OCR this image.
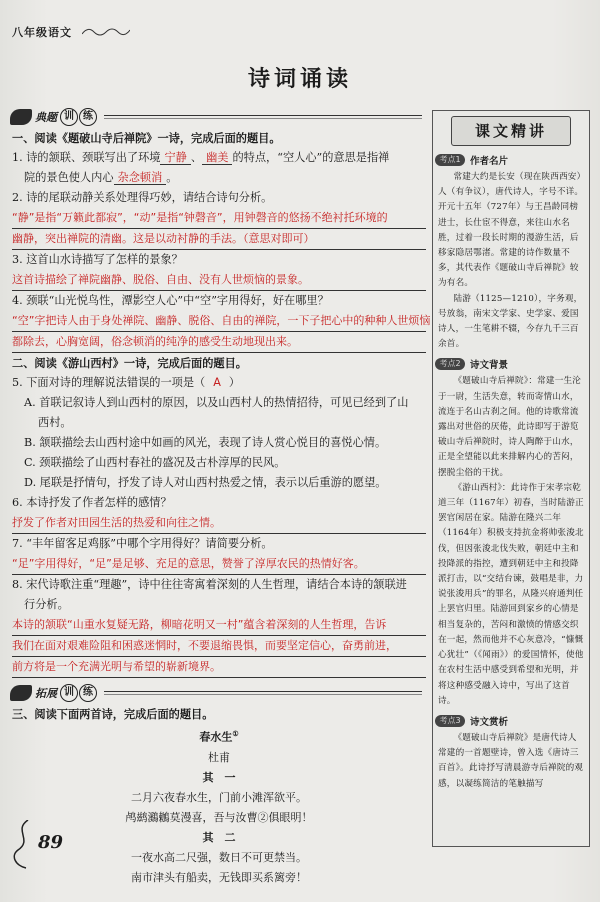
八年级语文
诗词诵读
典题 训 练
一、阅读《题破山寺后禅院》一诗，完成后面的题目。
1. 诗的颔联、颈联写出了环境 宁静 、 幽美 的特点，“空人心”的意思是指禅
院的景色使人内心 杂念顿消 。
2. 诗的尾联动静关系处理得巧妙，请结合诗句分析。
“静”是指“万籁此都寂”，“动”是指“钟磬音”，用钟磬音的悠扬不绝衬托环境的
幽静，突出禅院的清幽。这是以动衬静的手法。（意思对即可）
3. 这首山水诗描写了怎样的景象？
这首诗描绘了禅院幽静、脱俗、自由、没有人世烦恼的景象。
4. 颈联“山光悦鸟性，潭影空人心”中“空”字用得好，好在哪里？
“空”字把诗人由于身处禅院、幽静、脱俗、自由的禅院，一下子把心中的种种人世烦恼
都除去，心胸宽阔，俗念顿消的纯净的感受生动地现出来。
二、阅读《游山西村》一诗，完成后面的题目。
5. 下面对诗的理解说法错误的一项是（ A ）
A. 首联记叙诗人到山西村的原因，以及山西村人的热情招待，可见已经到了山
西村。
B. 颔联描绘去山西村途中如画的风光，表现了诗人赏心悦目的喜悦心情。
C. 颈联描绘了山西村春社的盛况及古朴淳厚的民风。
D. 尾联是抒情句，抒发了诗人对山西村热爱之情，表示以后重游的愿望。
6. 本诗抒发了作者怎样的感情？
抒发了作者对田园生活的热爱和向往之情。
7. “丰年留客足鸡豚”中哪个字用得好？请简要分析。
“足”字用得好，“足”是足够、充足的意思，赞誉了淳厚农民的热情好客。
8. 宋代诗歌注重“理趣”，诗中往往寄寓着深刻的人生哲理，请结合本诗的颔联进
行分析。
本诗的颔联“山重水复疑无路，柳暗花明又一村”蕴含着深刻的人生哲理，告诉
我们在面对艰难险阻和困惑迷惘时，不要退缩畏惧，而要坚定信心，奋勇前进，
前方将是一个充满光明与希望的崭新境界。
拓展 训 练
三、阅读下面两首诗，完成后面的题目。
春水生①
杜甫
其　一
二月六夜春水生，门前小滩浑欲平。
鸬鹚鸂鶒莫漫喜，吾与汝曹②俱眼明！
其　二
一夜水高二尺强，数日不可更禁当。
南市津头有船卖，无钱即买系篱旁！
课文精讲
考点1 作者名片

常建大约是长安（现在陕西西安）人（有争议），唐代诗人，字号不详。开元十五年（727年）与王昌龄同榜进士，长仕宦不得意，来往山水名胜，过着一段长时期的漫游生活，后移家隐居鄂渚。常建的诗作数量不多，其代表作《题破山寺后禅院》较为有名。

陆游（1125—1210），字务观，号放翁，南宋文学家、史学家、爱国诗人，一生笔耕不辍，今存九千三百余首。

考点2 诗文背景

《题破山寺后禅院》：常建一生沦于一尉，生活失意，转而寄情山水，流连于名山古刹之间。他的诗歌常流露出对世俗的厌倦，此诗即写于游览破山寺后禅院时，诗人陶醉于山水，正是全望能以此来排解内心的苦闷，摆脱尘俗的干扰。

《游山西村》：此诗作于宋孝宗乾道三年（1167年）初春，当时陆游正罢官闲居在家。陆游在隆兴二年（1164年）积极支持抗金将帅张浚北伐，但因张浚北伐失败，朝廷中主和投降派的指控，遭到朝廷中主和投降派打击，以“交结台谏，鼓唱是非，力说张浚用兵”的罪名，从隆兴府通判任上罢官归里。陆游回到家乡的心情是相当复杂的，苦闷和激愤的情感交织在一起，然而他并不心灰意冷，“慷慨心犹壮”（《闻雨》）的爱国情怀，使他在农村生活中感受到希望和光明，并将这种感受融入诗中，写出了这首诗。

考点3 诗文赏析

《题破山寺后禅院》是唐代诗人常建的一首题壁诗，曾入选《唐诗三百首》。此诗抒写清晨游寺后禅院的观感，以凝练简洁的笔触描写

89
